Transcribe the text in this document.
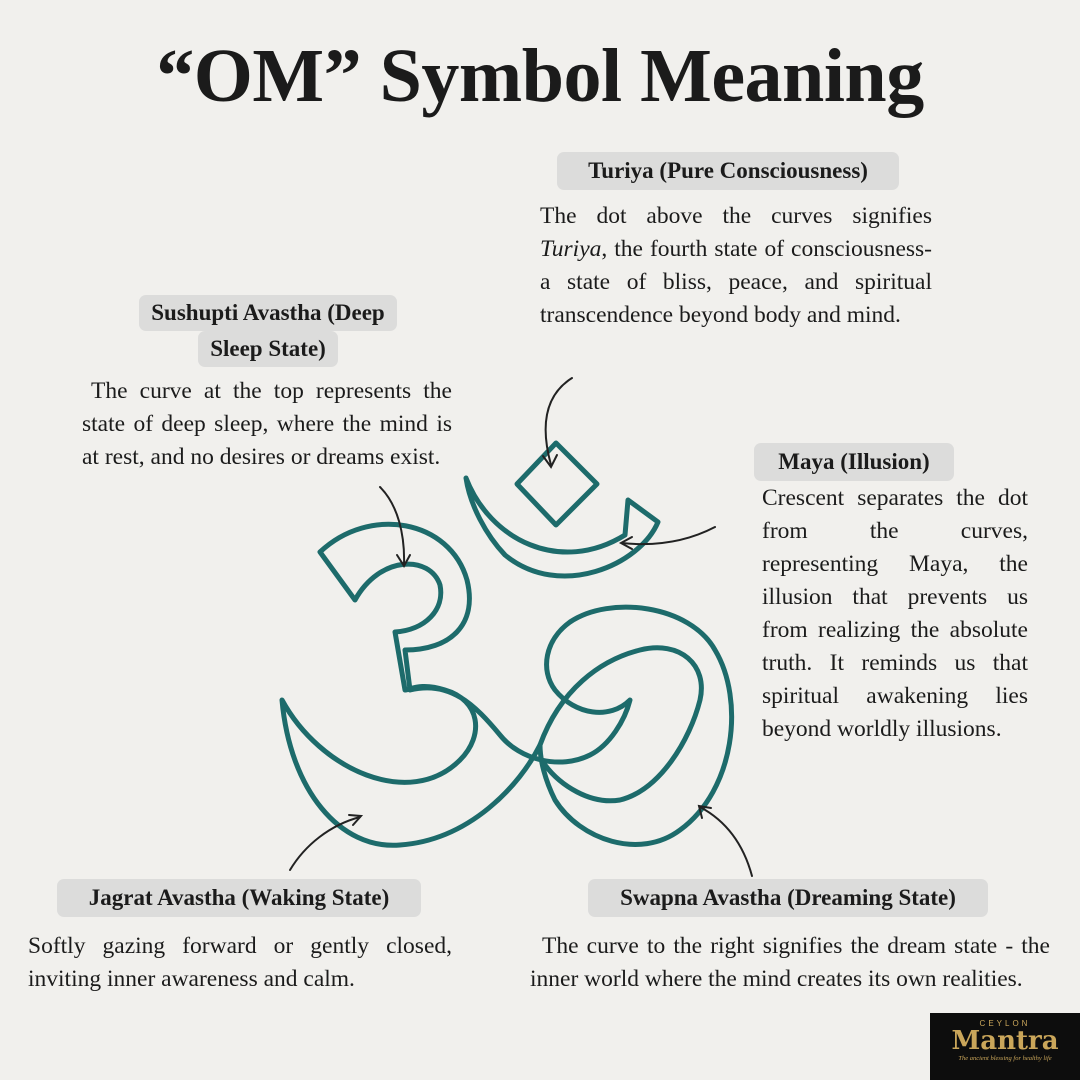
“OM” Symbol Meaning
Turiya (Pure Consciousness)
The dot above the curves signifies Turiya, the fourth state of consciousness- a state of bliss, peace, and spiritual transcendence beyond body and mind.
Sushupti Avastha (Deep
Sleep State)
The curve at the top represents the state of deep sleep, where the mind is at rest, and no desires or dreams exist.	Maya (Illusion)
Crescent separates the dot from the curves, representing Maya, the illusion that prevents us from realizing the absolute truth. It reminds us that spiritual awakening lies beyond worldly illusions.
Jagrat Avastha (Waking State)
Softly gazing forward or gently closed, inviting inner awareness and calm.
Swapna Avastha (Dreaming State)
The curve to the right signifies the dream state - the inner world where the mind creates its own realities.
CEYLON
Mantra
The ancient blessing for healthy life
